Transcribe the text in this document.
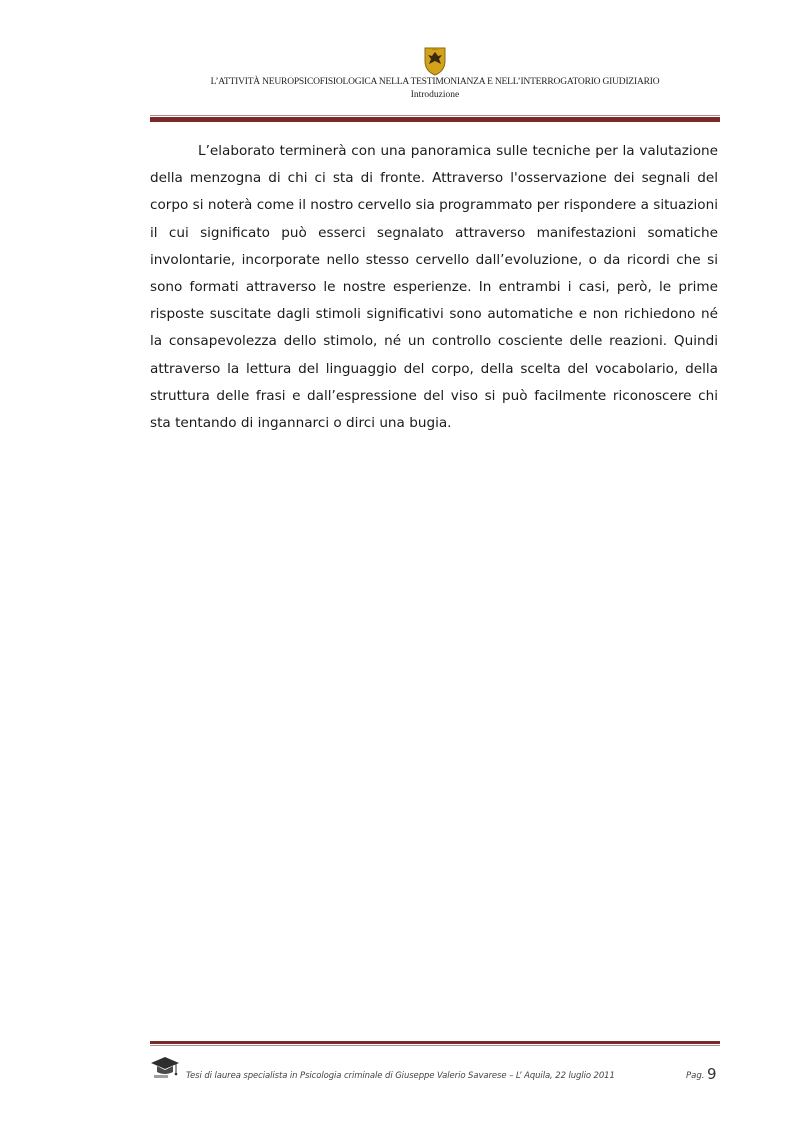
L’ATTIVITÀ NEUROPSICOFISIOLOGICA NELLA TESTIMONIANZA E NELL’INTERROGATORIO GIUDIZIARIO
Introduzione
L’elaborato terminerà con una panoramica sulle tecniche per la valutazione della menzogna di chi ci sta di fronte. Attraverso l'osservazione dei segnali del corpo si noterà come il nostro cervello sia programmato per rispondere a situazioni il cui significato può esserci segnalato attraverso manifestazioni somatiche involontarie, incorporate nello stesso cervello dall’evoluzione, o da ricordi che si sono formati attraverso le nostre esperienze. In entrambi i casi, però, le prime risposte suscitate dagli stimoli significativi sono automatiche e non richiedono né la consapevolezza dello stimolo, né un controllo cosciente delle reazioni. Quindi attraverso la lettura del linguaggio del corpo, della scelta del vocabolario, della struttura delle frasi e dall’espressione del viso si può facilmente riconoscere chi sta tentando di ingannarci o dirci una bugia.
Tesi di laurea specialista in Psicologia criminale di Giuseppe Valerio Savarese – L’ Aquila, 22 luglio 2011	Pag. 9
